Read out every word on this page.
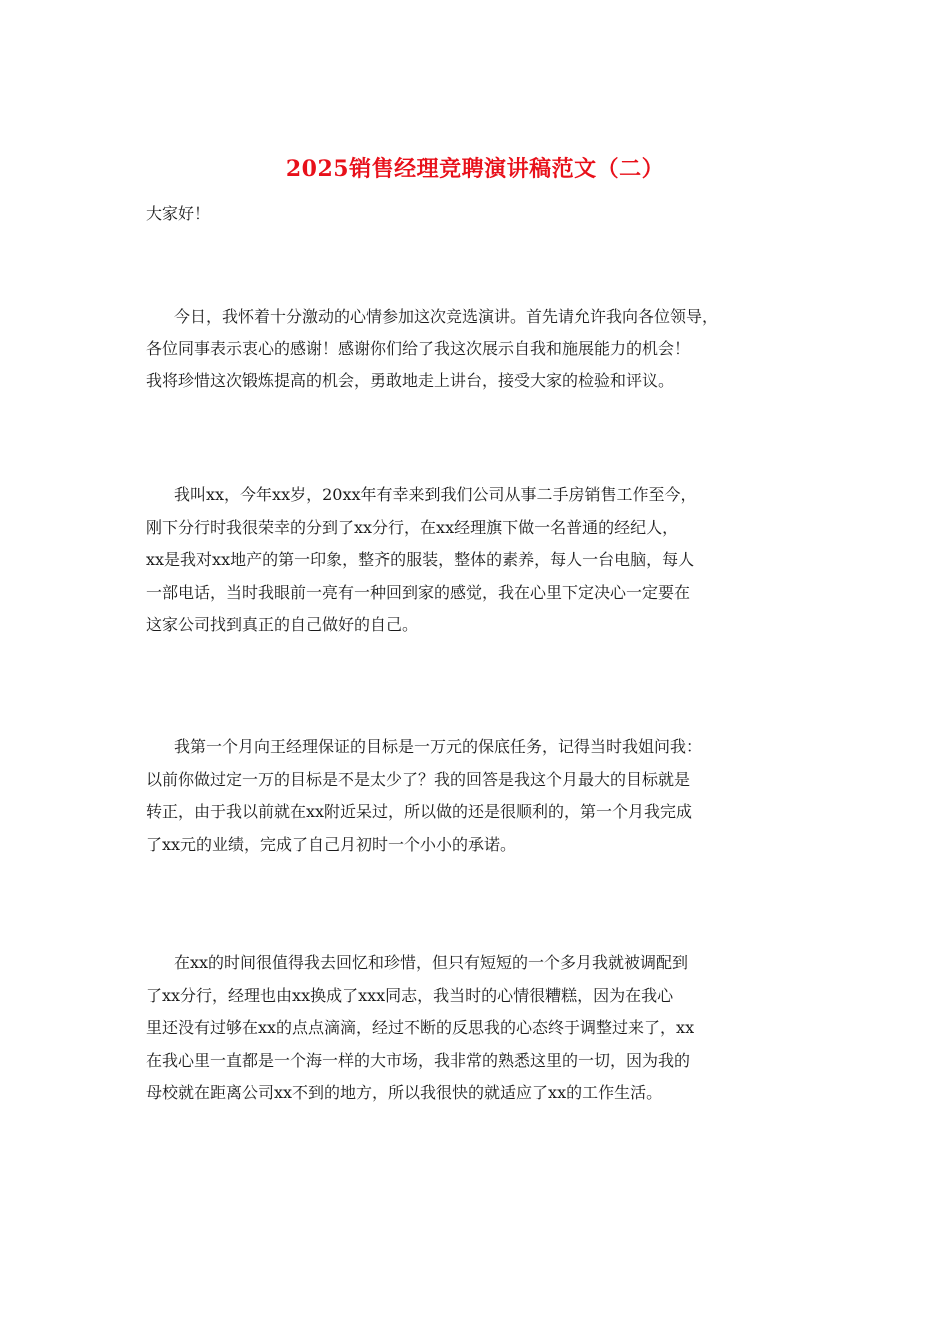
2025销售经理竞聘演讲稿范文（二）
大家好！
今日，我怀着十分激动的心情参加这次竞选演讲。首先请允许我向各位领导，
各位同事表示衷心的感谢！感谢你们给了我这次展示自我和施展能力的机会！
我将珍惜这次锻炼提高的机会，勇敢地走上讲台，接受大家的检验和评议。
我叫xx，今年xx岁，20xx年有幸来到我们公司从事二手房销售工作至今，
刚下分行时我很荣幸的分到了xx分行，在xx经理旗下做一名普通的经纪人，
xx是我对xx地产的第一印象，整齐的服装，整体的素养，每人一台电脑，每人
一部电话，当时我眼前一亮有一种回到家的感觉，我在心里下定决心一定要在
这家公司找到真正的自己做好的自己。
我第一个月向王经理保证的目标是一万元的保底任务，记得当时我姐问我：
以前你做过定一万的目标是不是太少了？我的回答是我这个月最大的目标就是
转正，由于我以前就在xx附近呆过，所以做的还是很顺利的，第一个月我完成
了xx元的业绩，完成了自己月初时一个小小的承诺。
在xx的时间很值得我去回忆和珍惜，但只有短短的一个多月我就被调配到
了xx分行，经理也由xx换成了xxx同志，我当时的心情很糟糕，因为在我心
里还没有过够在xx的点点滴滴，经过不断的反思我的心态终于调整过来了，xx
在我心里一直都是一个海一样的大市场，我非常的熟悉这里的一切，因为我的
母校就在距离公司xx不到的地方，所以我很快的就适应了xx的工作生活。
